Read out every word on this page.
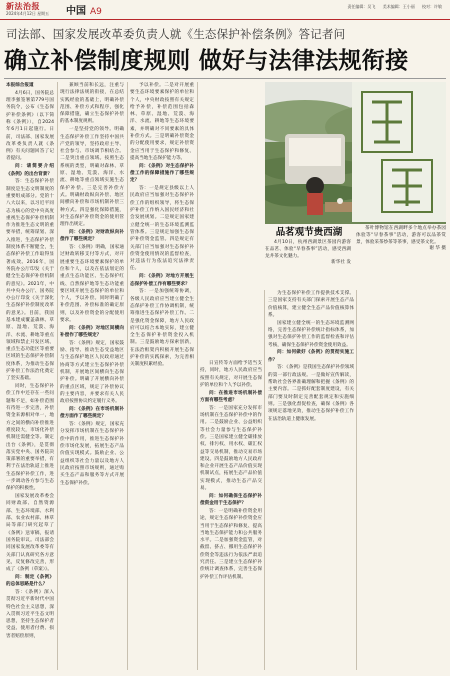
新法治报
2024年4月12日 星期五 中国 A9
责任编辑：吴飞 美术编辑：王小丽 校对：许敏
司法部、国家发展改革委负责人就《生态保护补偿条例》答记者问
确立补偿制度规则 做好与法律法规衔接

本报综合报道

4月6日，国务院总理李强签署第779号国务院令，公布《生态保护补偿条例》（以下简称《条例》），自2024年6月1日起施行。日前，司法部、国家发展改革委负责人就《条例》有关问题回答了记者提问。

问：请简要介绍《条例》的出台背景？

答：生态保护补偿制度是生态文明制度的重要组成部分。党的十八大以来，以习近平同志为核心的党中央高度重视生态保护补偿机制作为推进生态文明的重要举措，统筹谋划、深入推进，生态保护补偿制度体系不断健全，生态保护补偿工作取得显著成效。2016年，国务院办公厅印发《关于健全生态保护补偿机制的意见》。2021年，中共中央办公厅、国务院办公厅印发《关于深化生态保护补偿制度改革的意见》。目前，我国基本建成覆盖森林、草原、湿地、荒漠、海洋、水流、耕地等重点领域和禁止开发区域、重点生态功能区等重要区域的生态保护补偿制度体系，为推动生态保护补偿工作法治化奠定了坚实基础。

同时，生态保护补偿工作中还存在一些问题和不足，如补偿范围有待进一步完善，补偿资金来源相对单一，地方之间的横向补偿推进难度较大，市场化补偿机制还需健全等。制定出台《条例》，是贯彻落实党中央、国务院决策部署的重要举措，有利于在法治轨道上推进生态保护补偿工作，进一步调动各方参与生态保护的积极性。

国家发展改革委会同财政部、自然资源部、生态环境部、水利部、农业农村部、林草局等部门研究起草了《条例》送审稿，报请国务院审议。司法部会同国家发展改革委等有关部门认真研究各方意见，反复修改完善，形成了《条例（草案）》。

问：制定《条例》的总体思路是什么？

答：《条例》深入贯彻习近平新时代中国特色社会主义思想，深入贯彻习近平生态文明思想，坚持生态保护者受益、使用者付费、损害者赔偿原则，

兼顾当前和长远，注重与现行法律法规的衔接，在总结实践经验的基础上，明确补偿范围、补偿方式和程序，强化保障措施，确立生态保护补偿的基本制度规则。

一是坚持党的领导。明确生态保护补偿工作坚持中国共产党的领导，坚持政府主导、社会参与、市场调节相结合。二是突出重点领域。按照生态系统的类型，明确对森林、草原、湿地、荒漠、海洋、水流、耕地等重点领域实施生态保护补偿。三是完善补偿方式。明确财政纵向补偿、地区间横向补偿和市场机制补偿三种方式。四是强化保障措施，对生态保护补偿资金的使用管理作出规定。

问：《条例》对财政纵向补偿作了哪些规定？

答：《条例》明确，国家通过财政转移支付等方式，对开展重要生态环境要素保护的单位和个人，以及在依法划定的重点生态功能区、生态保护红线、自然保护地等生态功能重要区域开展生态保护的单位和个人，予以补偿。同时明确了补偿范围、补偿标准的确定原则，以及补偿资金的分配使用要求。

问：《条例》对地区间横向补偿作了哪些规定？

答：《条例》规定，国家鼓励、指导、推动生态受益地区与生态保护地区人民政府通过协商等方式建立生态保护补偿机制，开展地区间横向生态保护补偿。明确了开展横向补偿的重点区域，规定了补偿协议的主要内容，并要求有关人民政府按照协议约定履行义务。

问：《条例》在市场机制补偿方面作了哪些规定？

答：《条例》规定，国家充分发挥市场机制在生态保护补偿中的作用，推进生态保护补偿市场化发展，拓展生态产品价值实现模式。鼓励企业、公益组织等社会力量以及地方人民政府按照市场规则，通过购买生态产品和服务等方式开展生态保护补偿。

予以补偿。二是对开展重要生态环境要素保护的单位和个人，中央财政按照有关规定给予补偿，补偿范围包括森林、草原、湿地、荒漠、海洋、水流、耕地等生态环境要素，并明确对不同要素的具体补偿方式。三是明确补偿资金的分配使用要求，规定补偿资金应当用于生态保护和修复、提高当地生态保护能力等。

问：《条例》对生态保护补偿工作的保障措施作了哪些规定？

答：一是规定县级以上人民政府应当加强对生态保护补偿工作的组织领导，将生态保护补偿工作纳入国民经济和社会发展规划。二是规定国家建立健全统一的生态环境监测监管体系。三是规定加强生态保护补偿资金监管。四是规定有关部门应当加强对生态保护补偿资金使用情况的监督检查，对违法行为依法追究法律责任。

问：《条例》对地方开展生态保护补偿工作有哪些要求？

答：一是加强统筹协调，各级人民政府应当建立健全生态保护补偿工作协调机制，统筹推进生态保护补偿工作。二是强化资金保障，地方人民政府可以结合本地实际，建立健全生态保护补偿资金投入机制。三是鼓励地方探索创新，在法治框架内积极开展生态保护补偿的实践探索，为完善相关制度积累经验。	日宣传等方面给予适当支持，同时，地方人民政府应当按照有关规定，对开展生态保护的单位和个人予以补偿。

问：在推进市场机制补偿方面有哪些考虑？

答：一是国家充分发挥市场机制在生态保护补偿中的作用。二是鼓励企业、公益组织等社会力量参与生态保护补偿。三是国家建立健全碳排放权、排污权、用水权、碳汇权益等交易机制，推动交易市场建设。四是鼓励地方人民政府和企业开展生态产品价值实现机制试点，拓展生态产品价值实现模式，推动生态产品交易。

问：如何确保生态保护补偿资金用于生态保护？

答：一是明确补偿资金用途，规定生态保护补偿资金应当用于生态保护和修复、提高当地生态保护能力和公共服务水平。二是加强资金监管，对截留、挤占、挪用生态保护补偿资金等违法行为依法严肃追究责任。三是建立生态保护补偿统计调查体系，完善生态保护补偿工作评估机制。

为生态保护补偿工作提供技术支撑。三是国家支持有关部门探索开展生态产品价值核算，建立健全生态产品价值核算体系。

国家建立健全统一的生态环境监测网络，完善生态保护补偿统计指标体系，加强对生态保护补偿工作的监督检查和评估考核，确保生态保护补偿资金使用效益。

问：如何做好《条例》的贯彻实施工作？

答：《条例》是我国生态保护补偿领域的第一部行政法规。一是做好宣传解读，帮助社会各界准确理解和把握《条例》的主要内容。二是抓好配套制度建设，有关部门要及时制定完善配套规定和实施细则。三是强化督促检查，确保《条例》各项规定落地见效，推动生态保护补偿工作在法治轨道上健康发展。

品茗观节贵西湖

4月10日，杭州西湖景区茶园内游客在品茗、体验“早春茶事”活动，感受西湖龙井茶文化魅力。

新华社 发

茶叶博物馆在西湖畔多个地点举办茶园体验等“早春茶事”活动，游客可以品茶赏景，体验采茶炒茶等茶事，感受茶文化。

谢 华 摄
